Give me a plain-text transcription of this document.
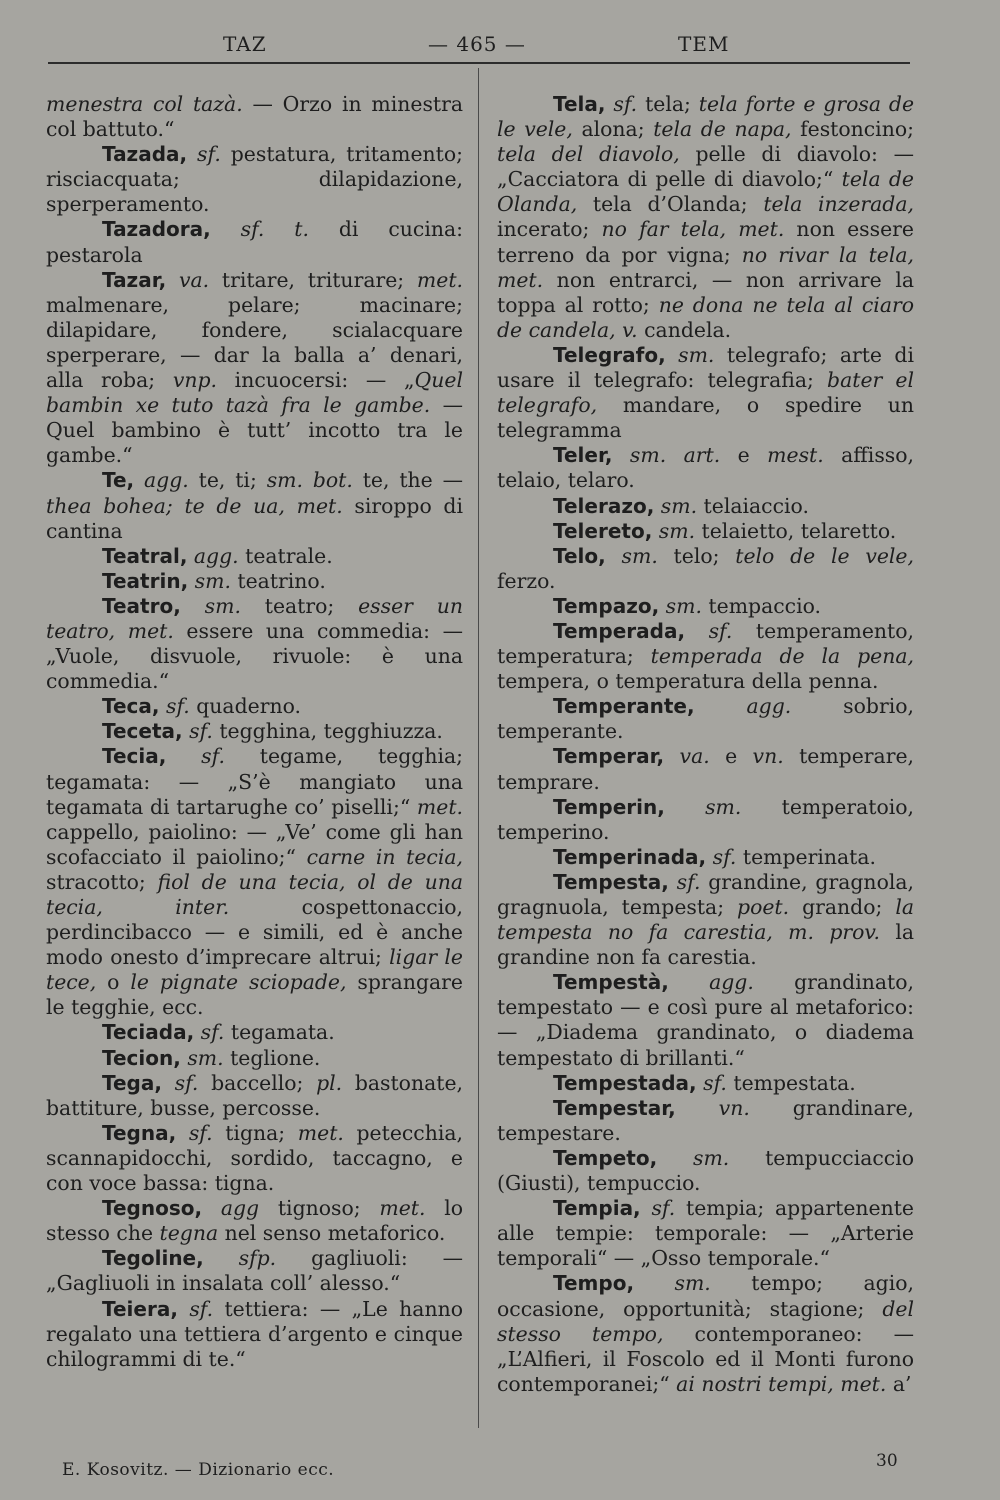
TAZ	— 465 —	TEM

menestra col tazà. — Orzo in minestra col battuto.“

Tazada, sf. pestatura, tritamento; risciacquata; dilapidazione, sperperamento.

Tazadora, sf. t. di cucina: pestarola

Tazar, va. tritare, triturare; met. malmenare, pelare; macinare; dilapidare, fondere, scialacquare sperperare, — dar la balla a’ denari, alla roba; vnp. incuocersi: — „Quel bambin xe tuto tazà fra le gambe. — Quel bambino è tutt’ incotto tra le gambe.“

Te, agg. te, ti; sm. bot. te, the — thea bohea; te de ua, met. siroppo di cantina

Teatral, agg. teatrale.

Teatrin, sm. teatrino.

Teatro, sm. teatro; esser un teatro, met. essere una commedia: — „Vuole, disvuole, rivuole: è una commedia.“

Teca, sf. quaderno.

Teceta, sf. tegghina, tegghiuzza.

Tecia, sf. tegame, tegghia; tegamata: — „S’è mangiato una tegamata di tartarughe co’ piselli;“ met. cappello, paiolino: — „Ve’ come gli han scofacciato il paiolino;“ carne in tecia, stracotto; fiol de una tecia, ol de una tecia, inter. cospettonaccio, perdincibacco — e simili, ed è anche modo onesto d’imprecare altrui; ligar le tece, o le pignate sciopade, sprangare le tegghie, ecc.

Teciada, sf. tegamata.

Tecion, sm. teglione.

Tega, sf. baccello; pl. bastonate, battiture, busse, percosse.

Tegna, sf. tigna; met. petecchia, scannapidocchi, sordido, taccagno, e con voce bassa: tigna.

Tegnoso, agg tignoso; met. lo stesso che tegna nel senso metaforico.

Tegoline, sfp. gagliuoli: — „Gagliuoli in insalata coll’ alesso.“

Teiera, sf. tettiera: — „Le hanno regalato una tettiera d’argento e cinque chilogrammi di te.“

Tela, sf. tela; tela forte e grosa de le vele, alona; tela de napa, festoncino; tela del diavolo, pelle di diavolo: — „Cacciatora di pelle di diavolo;“ tela de Olanda, tela d’Olanda; tela inzerada, incerato; no far tela, met. non essere terreno da por vigna; no rivar la tela, met. non entrarci, — non arrivare la toppa al rotto; ne dona ne tela al ciaro de candela, v. candela.

Telegrafo, sm. telegrafo; arte di usare il telegrafo: telegrafia; bater el telegrafo, mandare, o spedire un telegramma

Teler, sm. art. e mest. affisso, telaio, telaro.

Telerazo, sm. telaiaccio.

Telereto, sm. telaietto, telaretto.

Telo, sm. telo; telo de le vele, ferzo.

Tempazo, sm. tempaccio.

Temperada, sf. temperamento, temperatura; temperada de la pena, tempera, o temperatura della penna.

Temperante, agg. sobrio, temperante.

Temperar, va. e vn. temperare, temprare.

Temperin, sm. temperatoio, temperino.

Temperinada, sf. temperinata.

Tempesta, sf. grandine, gragnola, gragnuola, tempesta; poet. grando; la tempesta no fa carestia, m. prov. la grandine non fa carestia.

Tempestà, agg. grandinato, tempestato — e così pure al metaforico: — „Diadema grandinato, o diadema tempestato di brillanti.“

Tempestada, sf. tempestata.

Tempestar, vn. grandinare, tempestare.

Tempeto, sm. tempucciaccio (Giusti), tempuccio.

Tempia, sf. tempia; appartenente alle tempie: temporale: — „Arterie temporali“ — „Osso temporale.“

Tempo, sm. tempo; agio, occasione, opportunità; stagione; del stesso tempo, contemporaneo: — „L’Alfieri, il Foscolo ed il Monti furono contemporanei;“ ai nostri tempi, met. a’

E. Kosovitz. — Dizionario ecc.	30
